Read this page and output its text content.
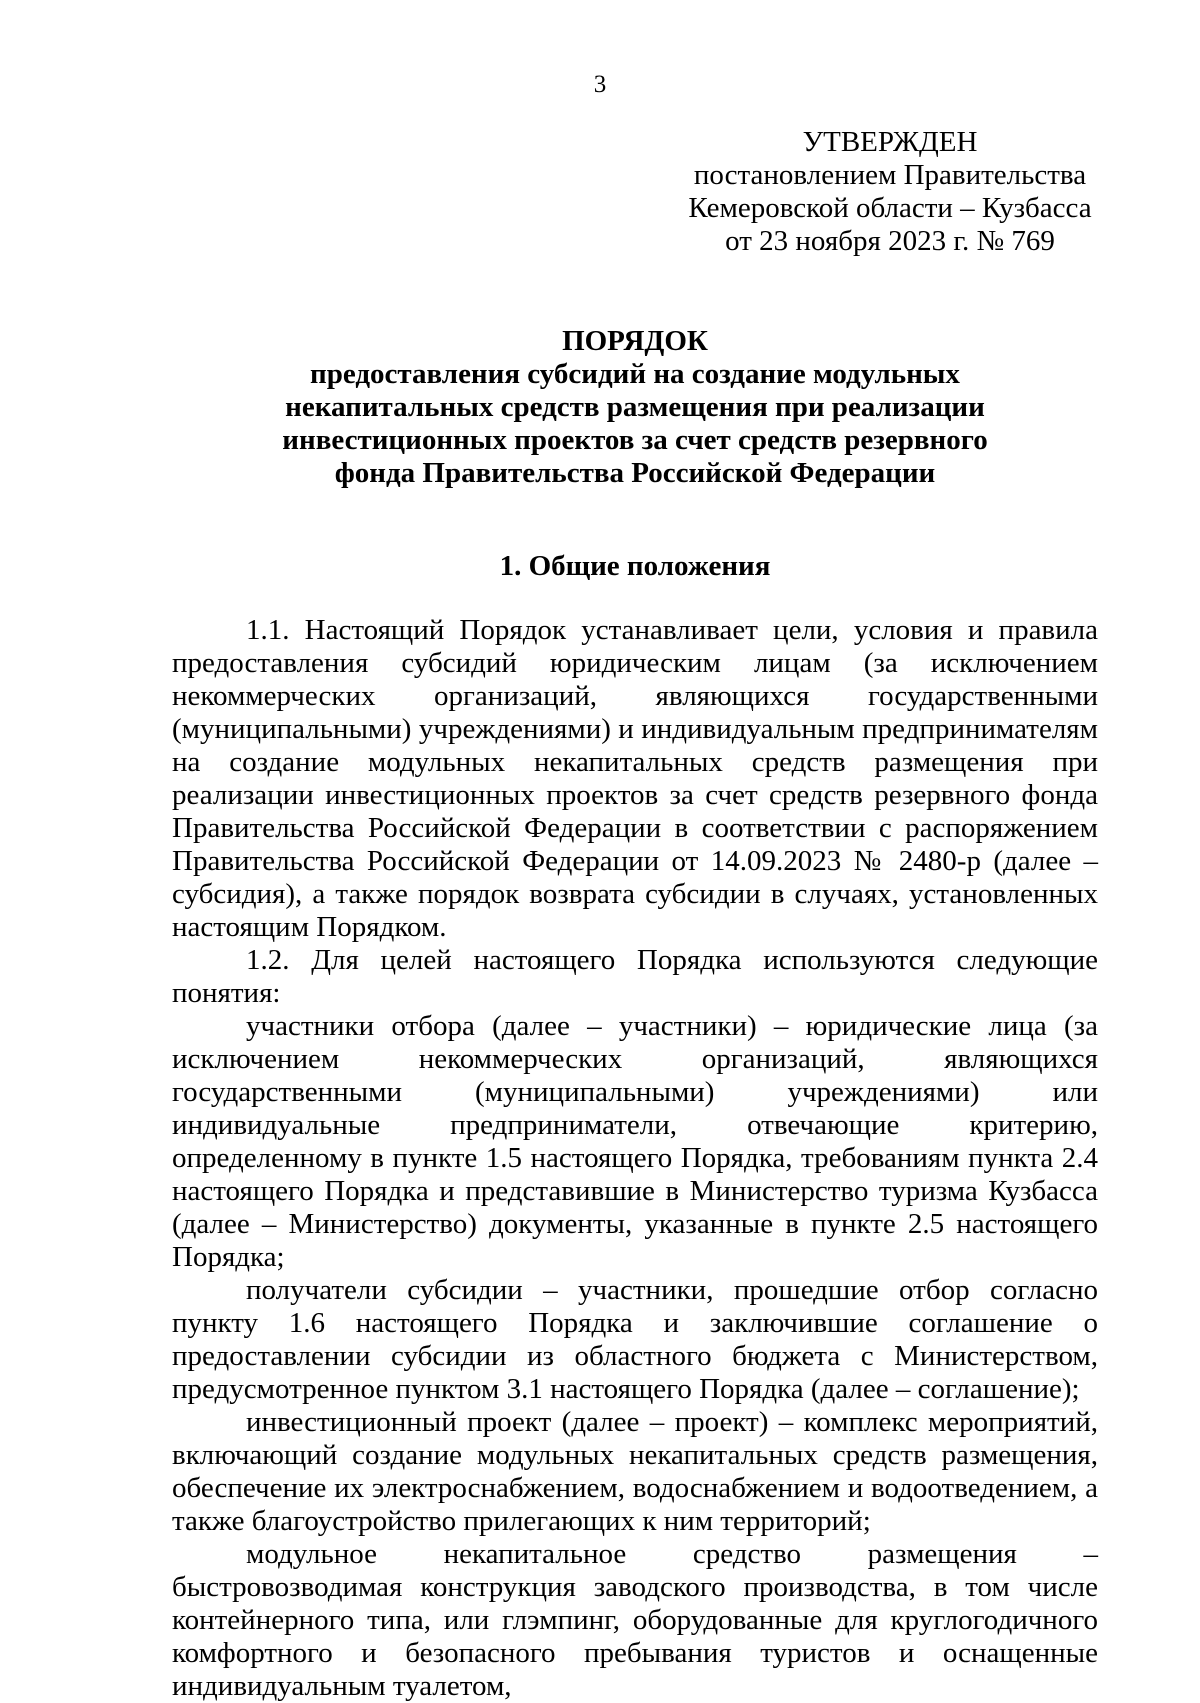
3
УТВЕРЖДЕН
постановлением Правительства
Кемеровской области – Кузбасса
от 23 ноября 2023 г. № 769
ПОРЯДОК
предоставления субсидий на создание модульных
некапитальных средств размещения при реализации
инвестиционных проектов за счет средств резервного
фонда Правительства Российской Федерации
1. Общие положения

1.1. Настоящий Порядок устанавливает цели, условия и правила предоставления субсидий юридическим лицам (за исключением некоммерческих организаций, являющихся государственными (муниципальными) учреждениями) и индивидуальным предпринимателям на создание модульных некапитальных средств размещения при реализации инвестиционных проектов за счет средств резервного фонда Правительства Российской Федерации в соответствии с распоряжением Правительства Российской Федерации от 14.09.2023 № 2480-р (далее – субсидия), а также порядок возврата субсидии в случаях, установленных настоящим Порядком.

1.2. Для целей настоящего Порядка используются следующие понятия:

участники отбора (далее – участники) – юридические лица (за исключением некоммерческих организаций, являющихся государственными (муниципальными) учреждениями) или индивидуальные предприниматели, отвечающие критерию, определенному в пункте 1.5 настоящего Порядка, требованиям пункта 2.4 настоящего Порядка и представившие в Министерство туризма Кузбасса (далее – Министерство) документы, указанные в пункте 2.5 настоящего Порядка;

получатели субсидии – участники, прошедшие отбор согласно пункту 1.6 настоящего Порядка и заключившие соглашение о предоставлении субсидии из областного бюджета с Министерством, предусмотренное пунктом 3.1 настоящего Порядка (далее – соглашение);

инвестиционный проект (далее – проект) – комплекс мероприятий, включающий создание модульных некапитальных средств размещения, обеспечение их электроснабжением, водоснабжением и водоотведением, а также благоустройство прилегающих к ним территорий;

модульное некапитальное средство размещения – быстровозводимая конструкция заводского производства, в том числе контейнерного типа, или глэмпинг, оборудованные для круглогодичного комфортного и безопасного пребывания туристов и оснащенные индивидуальным туалетом,
